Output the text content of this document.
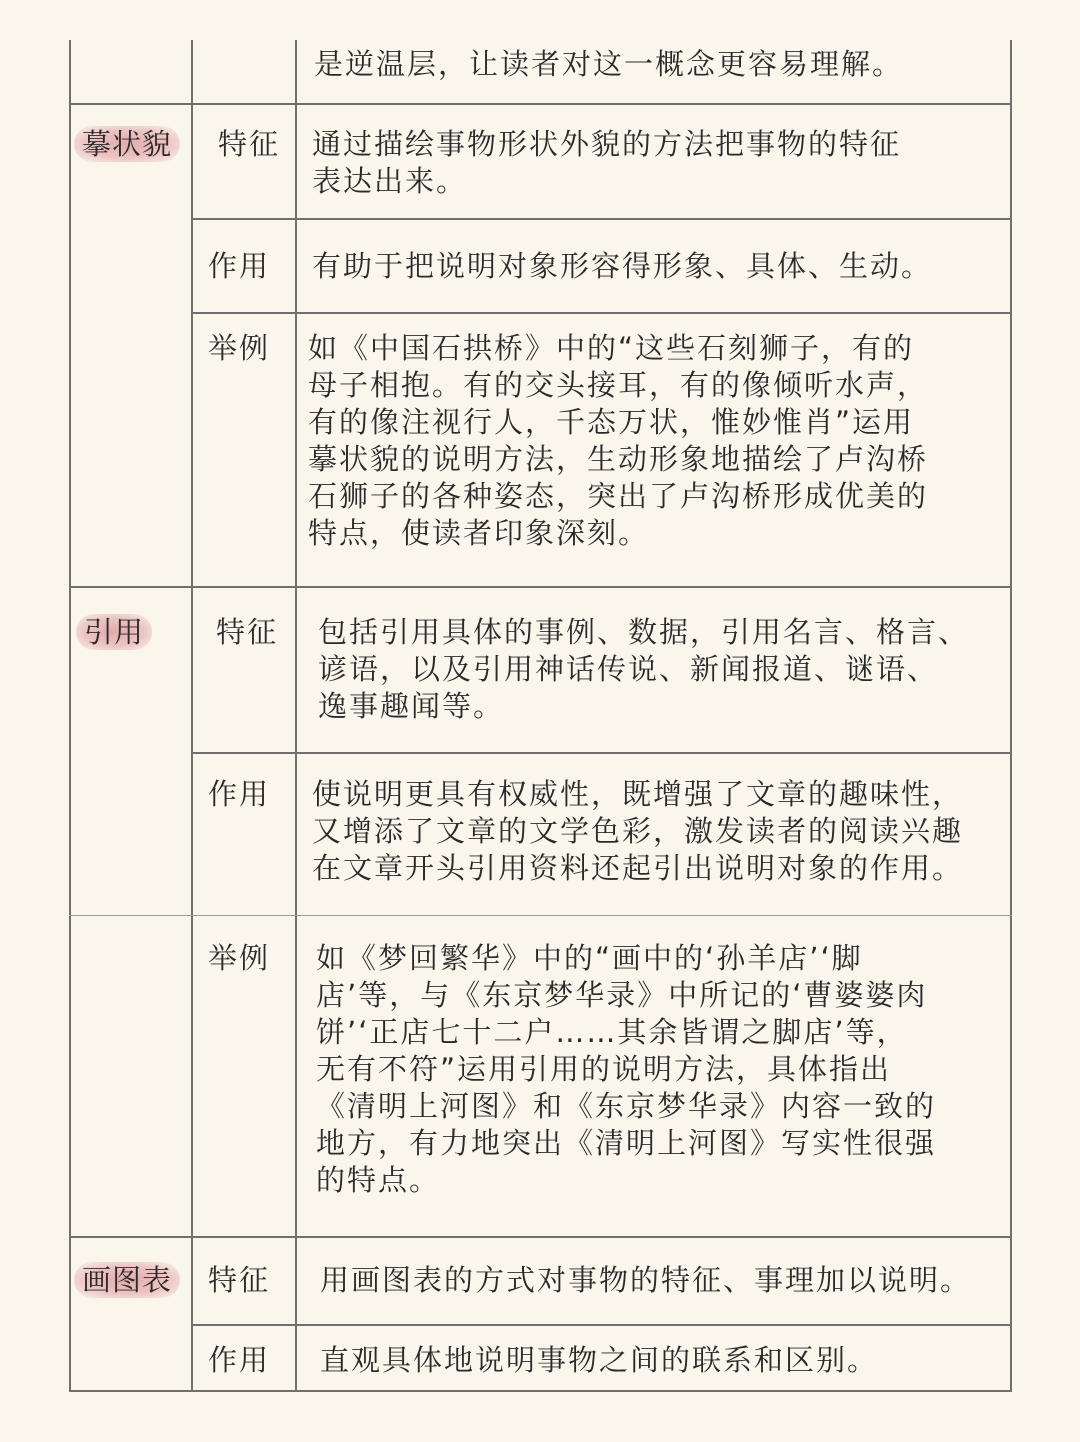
是逆温层，让读者对这一概念更容易理解。
摹状貌 特征 通过描绘事物形状外貌的方法把事物的特征
表达出来。
作用 有助于把说明对象形容得形象、具体、生动。
举例 如《中国石拱桥》中的“这些石刻狮子，有的
母子相抱。有的交头接耳，有的像倾听水声，
有的像注视行人，千态万状，惟妙惟肖”运用
摹状貌的说明方法，生动形象地描绘了卢沟桥
石狮子的各种姿态，突出了卢沟桥形成优美的
特点，使读者印象深刻。
引用 特征 包括引用具体的事例、数据，引用名言、格言、
谚语，以及引用神话传说、新闻报道、谜语、
逸事趣闻等。
作用 使说明更具有权威性，既增强了文章的趣味性，
又增添了文章的文学色彩，激发读者的阅读兴趣
在文章开头引用资料还起引出说明对象的作用。
举例 如《梦回繁华》中的“画中的‘孙羊店’‘脚
店’等，与《东京梦华录》中所记的‘曹婆婆肉
饼’‘正店七十二户……其余皆谓之脚店’等，
无有不符”运用引用的说明方法，具体指出
《清明上河图》和《东京梦华录》内容一致的
地方，有力地突出《清明上河图》写实性很强
的特点。
画图表 特征 用画图表的方式对事物的特征、事理加以说明。
作用 直观具体地说明事物之间的联系和区别。
